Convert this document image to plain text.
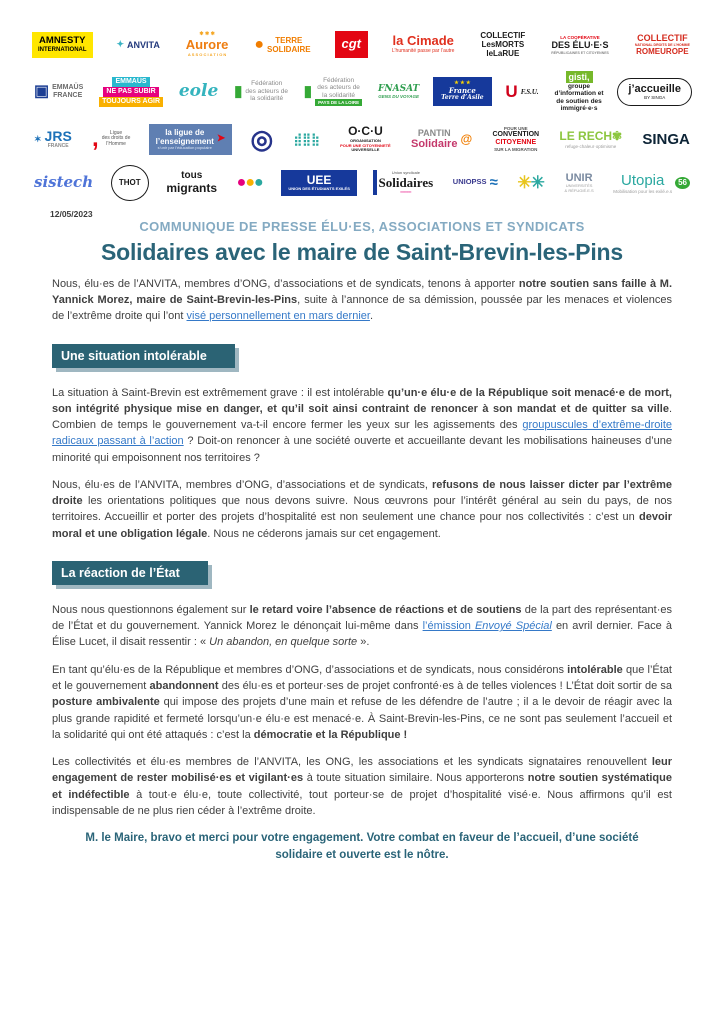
AMNESTY
INTERNATIONAL
✦ ANVITA
✱ ✱ ✱
Aurore
A S S O C I A T I O N
● TERRE
SOLIDAIRE cgt la Cimade
L’humanité passe par l’autre
COLLECTIF
LesMORTS
leLaRUE
LA COOPÉRATIVE
DES ÉLU·E·S
RÉPUBLICAINES ET CITOYENNES
COLLECTIF
NATIONAL DROITS DE L’HOMME
ROMEUROPE
▣ EMMAÜS
FRANCE
EMMAÜS
NE PAS SUBIR
TOUJOURS AGIR
eole ▮ Fédération
des acteurs de
la solidarité ▮
Fédération
des acteurs de
la solidarité
PAYS DE LA LOIRE
FNASAT
GENS DU VOYAGE
★ ★ ★
France
Terre d’Asile U F.S.U.
gisti,
groupe
d’information et
de soutien des
immigré·e·s
j’accueille
BY SINGA
✶ JRS
FRANCE , Ligue
des droits de
l’Homme
la ligue de
l’enseignement
s’unir par l’éducation populaire
➤ ◎ ⣾⣿⣷
O·C·U
ORGANISATION
POUR UNE CITOYENNETÉ
UNIVERSELLE
PANTIN
Solidaire @
POUR UNE
CONVENTION
CITOYENNE
SUR LA MIGRATION
LE RECH✾
refuge·chaleur·optimisme SINGA
sistech	THOT
tous
migrants ● ● ●	UEE
UNION DES ÉTUDIANTS EXILÉS
Union syndicale
Solidaires
━━━━━━
UNIOPSS ≈ ✳ ✳ UNIR
UNIVERSITÉS
& RÉFUGIÉ.E.S
Utopia
Mobilisation pour les exilé.e.s
56
12/05/2023
COMMUNIQUE DE PRESSE ÉLU·ES, ASSOCIATIONS ET SYNDICATS
Solidaires avec le maire de Saint-Brevin-les-Pins

Nous, élu·es de l’ANVITA, membres d’ONG, d’associations et de syndicats, tenons à apporter notre soutien sans faille à M. Yannick Morez, maire de Saint-Brevin-les-Pins, suite à l’annonce de sa démission, poussée par les menaces et violences de l’extrême droite qui l’ont visé personnellement en mars dernier.

Une situation intolérable

La situation à Saint-Brevin est extrêmement grave : il est intolérable qu’un·e élu·e de la République soit menacé·e de mort, son intégrité physique mise en danger, et qu’il soit ainsi contraint de renoncer à son mandat et de quitter sa ville. Combien de temps le gouvernement va-t-il encore fermer les yeux sur les agissements des groupuscules d’extrême-droite radicaux passant à l’action ? Doit-on renoncer à une société ouverte et accueillante devant les mobilisations haineuses d’une minorité qui empoisonnent nos territoires ?

Nous, élu·es de l’ANVITA, membres d’ONG, d’associations et de syndicats, refusons de nous laisser dicter par l’extrême droite les orientations politiques que nous devons suivre. Nous œuvrons pour l’intérêt général au sein du pays, de nos territoires. Accueillir et porter des projets d’hospitalité est non seulement une chance pour nos collectivités : c’est un devoir moral et une obligation légale. Nous ne céderons jamais sur cet engagement.

La réaction de l’État

Nous nous questionnons également sur le retard voire l’absence de réactions et de soutiens de la part des représentant·es de l’État et du gouvernement. Yannick Morez le dénonçait lui-même dans l’émission Envoyé Spécial en avril dernier. Face à Élise Lucet, il disait ressentir : « Un abandon, en quelque sorte ».

En tant qu’élu·es de la République et membres d’ONG, d’associations et de syndicats, nous considérons intolérable que l’État et le gouvernement abandonnent des élu·es et porteur·ses de projet confronté·es à de telles violences ! L’État doit sortir de sa posture ambivalente qui impose des projets d’une main et refuse de les défendre de l’autre ; il a le devoir de réagir avec la plus grande rapidité et fermeté lorsqu’un·e élu·e est menacé·e. À Saint-Brevin-les-Pins, ce ne sont pas seulement l’accueil et la solidarité qui ont été attaqués : c’est la démocratie et la République !

Les collectivités et élu·es membres de l’ANVITA, les ONG, les associations et les syndicats signataires renouvellent leur engagement de rester mobilisé·es et vigilant·es à toute situation similaire. Nous apporterons notre soutien systématique et indéfectible à tout·e élu·e, toute collectivité, tout porteur·se de projet d’hospitalité visé·e. Nous affirmons qu’il est indispensable de ne plus rien céder à l’extrême droite.

M. le Maire, bravo et merci pour votre engagement. Votre combat en faveur de l’accueil, d’une société solidaire et ouverte est le nôtre.
